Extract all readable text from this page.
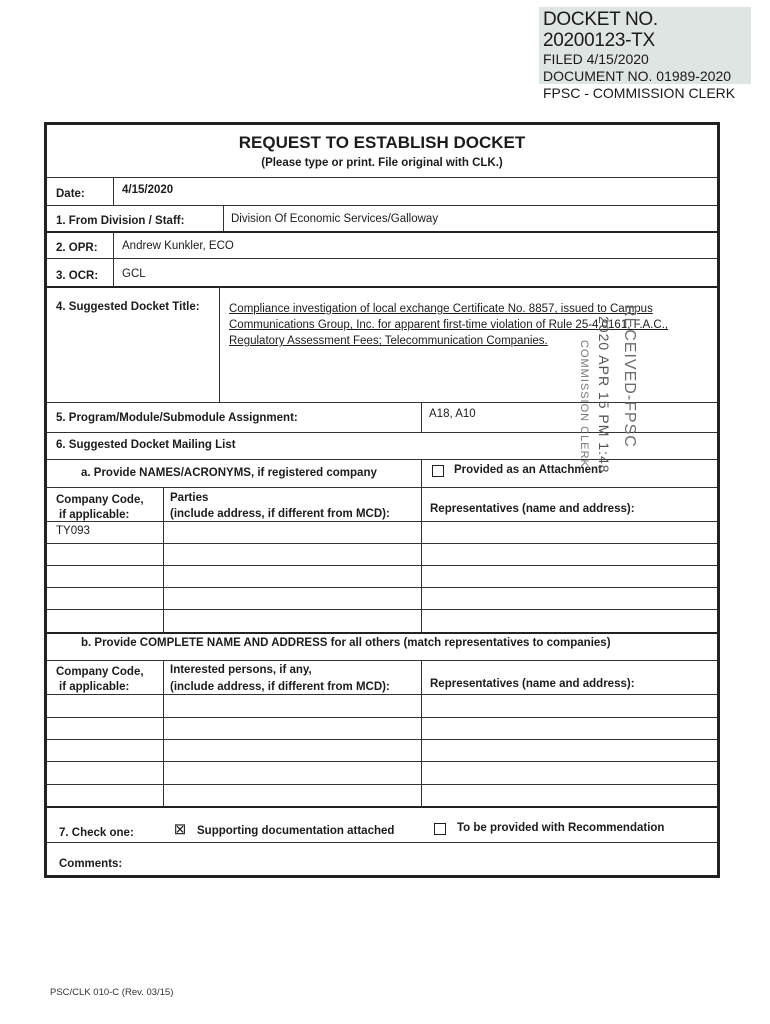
DOCKET NO. 20200123-TX
FILED 4/15/2020
DOCUMENT NO. 01989-2020
FPSC - COMMISSION CLERK
REQUEST TO ESTABLISH DOCKET
(Please type or print. File original with CLK.)
Date:	4/15/2020
1. From Division / Staff:	Division Of Economic Services/Galloway
2. OPR: Andrew Kunkler, ECO
3. OCR: GCL
4. Suggested Docket Title:	Compliance investigation of local exchange Certificate No. 8857, issued to Campus Communications Group, Inc. for apparent first-time violation of Rule 25-4.0161, F.A.C., Regulatory Assessment Fees; Telecommunication Companies.
5. Program/Module/Submodule Assignment:	A18, A10
6. Suggested Docket Mailing List
a. Provide NAMES/ACRONYMS, if registered company	Provided as an Attachment
Company Code,
if applicable:
Parties
(include address, if different from MCD):	Representatives (name and address):
TY093
b. Provide COMPLETE NAME AND ADDRESS for all others (match representatives to companies)
Company Code,
if applicable:
Interested persons, if any,
(include address, if different from MCD):	Representatives (name and address):
7. Check one:	⊠ Supporting documentation attached	To be provided with Recommendation
Comments:
RECEIVED-FPSC
2020 APR 15 PM 1:48
COMMISSION CLERK
PSC/CLK 010-C (Rev. 03/15)
